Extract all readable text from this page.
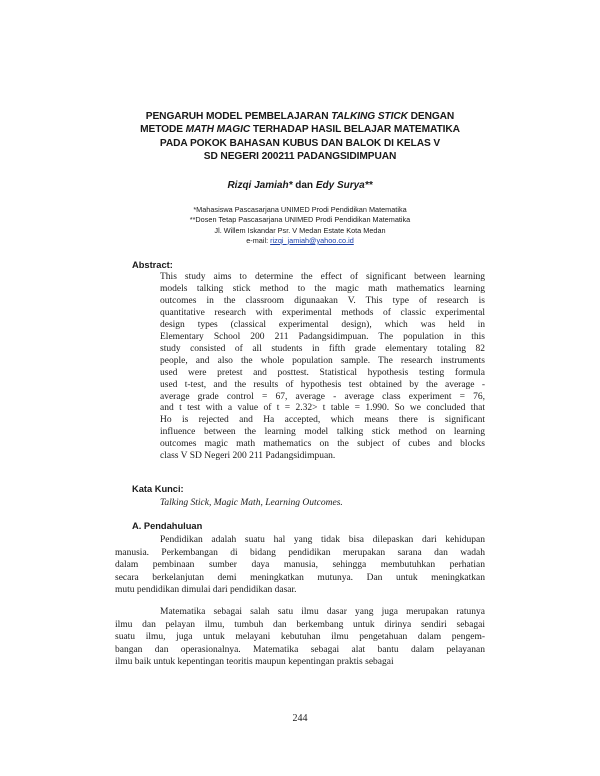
PENGARUH MODEL PEMBELAJARAN TALKING STICK DENGAN
METODE MATH MAGIC TERHADAP HASIL BELAJAR MATEMATIKA
PADA POKOK BAHASAN KUBUS DAN BALOK DI KELAS V
SD NEGERI 200211 PADANGSIDIMPUAN
Rizqi Jamiah* dan Edy Surya**
*Mahasiswa Pascasarjana UNIMED Prodi Pendidikan Matematika
**Dosen Tetap Pascasarjana UNIMED Prodi Pendidikan Matematika
Jl. Willem Iskandar Psr. V Medan Estate Kota Medan
e-mail: rizqi_jamiah@yahoo.co.id
Abstract:
This study aims to determine the effect of significant between learning
models talking stick method to the magic math mathematics learning
outcomes in the classroom digunaakan V. This type of research is
quantitative research with experimental methods of classic experimental
design types (classical experimental design), which was held in
Elementary School 200 211 Padangsidimpuan. The population in this
study consisted of all students in fifth grade elementary totaling 82
people, and also the whole population sample. The research instruments
used were pretest and posttest. Statistical hypothesis testing formula
used t-test, and the results of hypothesis test obtained by the average -
average grade control = 67, average - average class experiment = 76,
and t test with a value of t = 2.32> t table = 1.990. So we concluded that
Ho is rejected and Ha accepted, which means there is significant
influence between the learning model talking stick method on learning
outcomes magic math mathematics on the subject of cubes and blocks
class V SD Negeri 200 211 Padangsidimpuan.
Kata Kunci:
Talking Stick, Magic Math, Learning Outcomes.
A. Pendahuluan
Pendidikan adalah suatu hal yang tidak bisa dilepaskan dari kehidupan
manusia. Perkembangan di bidang pendidikan merupakan sarana dan wadah
dalam pembinaan sumber daya manusia, sehingga membutuhkan perhatian
secara berkelanjutan demi meningkatkan mutunya. Dan untuk meningkatkan
mutu pendidikan dimulai dari pendidikan dasar.
Matematika sebagai salah satu ilmu dasar yang juga merupakan ratunya
ilmu dan pelayan ilmu, tumbuh dan berkembang untuk dirinya sendiri sebagai
suatu ilmu, juga untuk melayani kebutuhan ilmu pengetahuan dalam pengem-
bangan dan operasionalnya. Matematika sebagai alat bantu dalam pelayanan
ilmu baik untuk kepentingan teoritis maupun kepentingan praktis sebagai
244
